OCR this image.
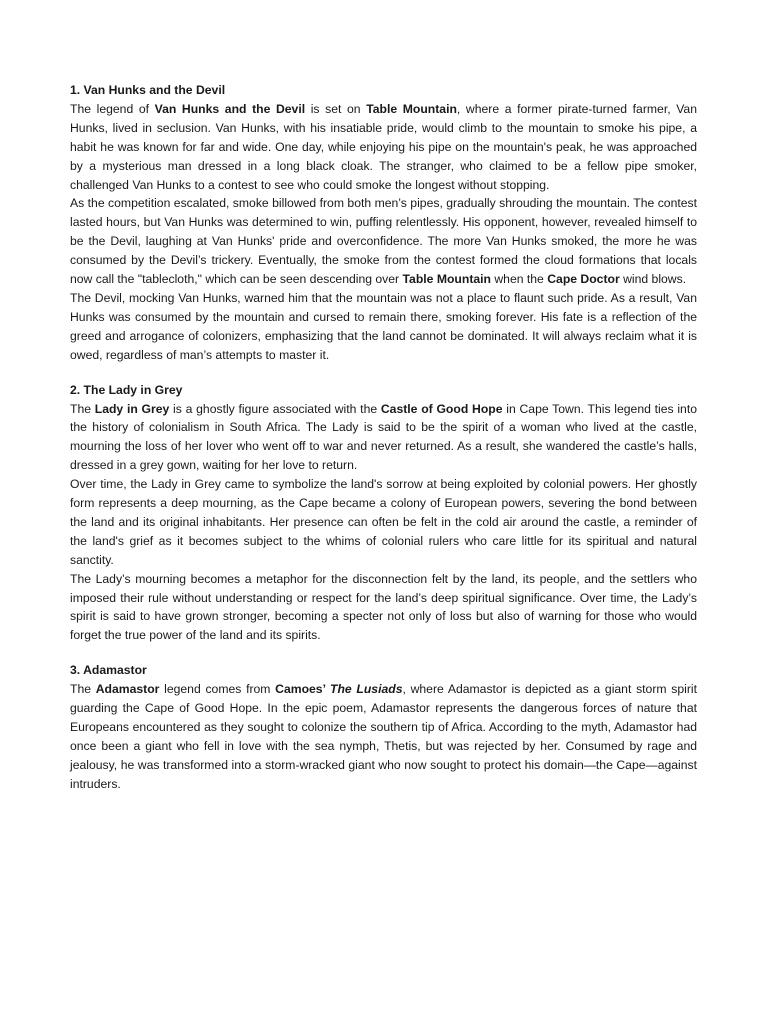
1. Van Hunks and the Devil

The legend of Van Hunks and the Devil is set on Table Mountain, where a former pirate-turned farmer, Van Hunks, lived in seclusion. Van Hunks, with his insatiable pride, would climb to the mountain to smoke his pipe, a habit he was known for far and wide. One day, while enjoying his pipe on the mountain's peak, he was approached by a mysterious man dressed in a long black cloak. The stranger, who claimed to be a fellow pipe smoker, challenged Van Hunks to a contest to see who could smoke the longest without stopping.

As the competition escalated, smoke billowed from both men’s pipes, gradually shrouding the mountain. The contest lasted hours, but Van Hunks was determined to win, puffing relentlessly. His opponent, however, revealed himself to be the Devil, laughing at Van Hunks' pride and overconfidence. The more Van Hunks smoked, the more he was consumed by the Devil’s trickery. Eventually, the smoke from the contest formed the cloud formations that locals now call the "tablecloth," which can be seen descending over Table Mountain when the Cape Doctor wind blows.

The Devil, mocking Van Hunks, warned him that the mountain was not a place to flaunt such pride. As a result, Van Hunks was consumed by the mountain and cursed to remain there, smoking forever. His fate is a reflection of the greed and arrogance of colonizers, emphasizing that the land cannot be dominated. It will always reclaim what it is owed, regardless of man’s attempts to master it.

2. The Lady in Grey

The Lady in Grey is a ghostly figure associated with the Castle of Good Hope in Cape Town. This legend ties into the history of colonialism in South Africa. The Lady is said to be the spirit of a woman who lived at the castle, mourning the loss of her lover who went off to war and never returned. As a result, she wandered the castle’s halls, dressed in a grey gown, waiting for her love to return.

Over time, the Lady in Grey came to symbolize the land's sorrow at being exploited by colonial powers. Her ghostly form represents a deep mourning, as the Cape became a colony of European powers, severing the bond between the land and its original inhabitants. Her presence can often be felt in the cold air around the castle, a reminder of the land's grief as it becomes subject to the whims of colonial rulers who care little for its spiritual and natural sanctity.

The Lady’s mourning becomes a metaphor for the disconnection felt by the land, its people, and the settlers who imposed their rule without understanding or respect for the land’s deep spiritual significance. Over time, the Lady’s spirit is said to have grown stronger, becoming a specter not only of loss but also of warning for those who would forget the true power of the land and its spirits.

3. Adamastor

The Adamastor legend comes from Camoes’ The Lusiads, where Adamastor is depicted as a giant storm spirit guarding the Cape of Good Hope. In the epic poem, Adamastor represents the dangerous forces of nature that Europeans encountered as they sought to colonize the southern tip of Africa. According to the myth, Adamastor had once been a giant who fell in love with the sea nymph, Thetis, but was rejected by her. Consumed by rage and jealousy, he was transformed into a storm-wracked giant who now sought to protect his domain—the Cape—against intruders.
